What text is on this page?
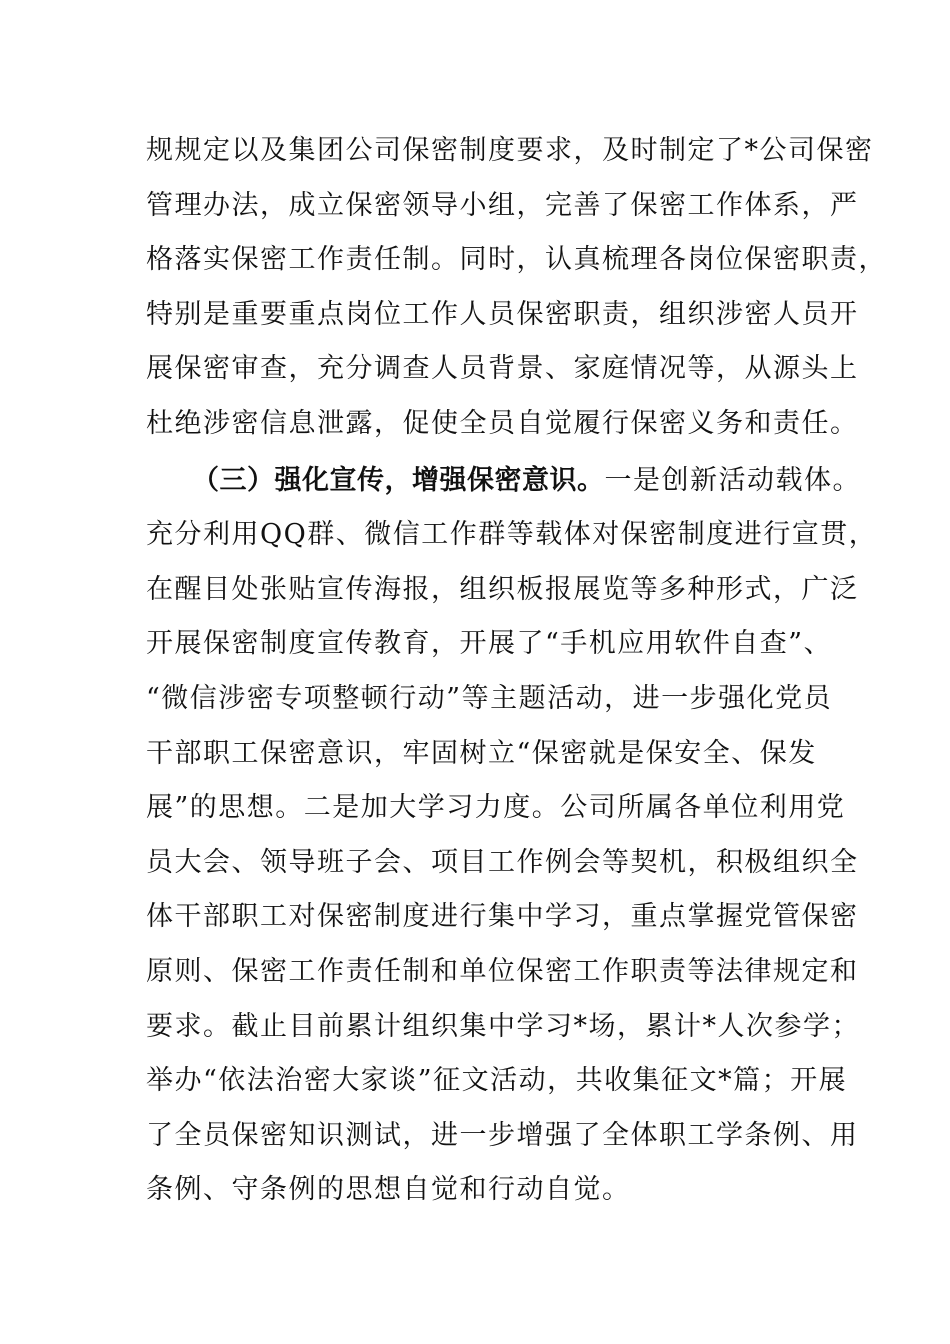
规规定以及集团公司保密制度要求，及时制定了*公司保密
管理办法，成立保密领导小组，完善了保密工作体系，严
格落实保密工作责任制。同时，认真梳理各岗位保密职责，
特别是重要重点岗位工作人员保密职责，组织涉密人员开
展保密审查，充分调查人员背景、家庭情况等，从源头上
杜绝涉密信息泄露，促使全员自觉履行保密义务和责任。
（三）强化宣传，增强保密意识。一是创新活动载体。
充分利用QQ群、微信工作群等载体对保密制度进行宣贯，
在醒目处张贴宣传海报，组织板报展览等多种形式，广泛
开展保密制度宣传教育，开展了“手机应用软件自查”、
“微信涉密专项整顿行动”等主题活动，进一步强化党员
干部职工保密意识，牢固树立“保密就是保安全、保发
展”的思想。二是加大学习力度。公司所属各单位利用党
员大会、领导班子会、项目工作例会等契机，积极组织全
体干部职工对保密制度进行集中学习，重点掌握党管保密
原则、保密工作责任制和单位保密工作职责等法律规定和
要求。截止目前累计组织集中学习*场，累计*人次参学；
举办“依法治密大家谈”征文活动，共收集征文*篇；开展
了全员保密知识测试，进一步增强了全体职工学条例、用
条例、守条例的思想自觉和行动自觉。
